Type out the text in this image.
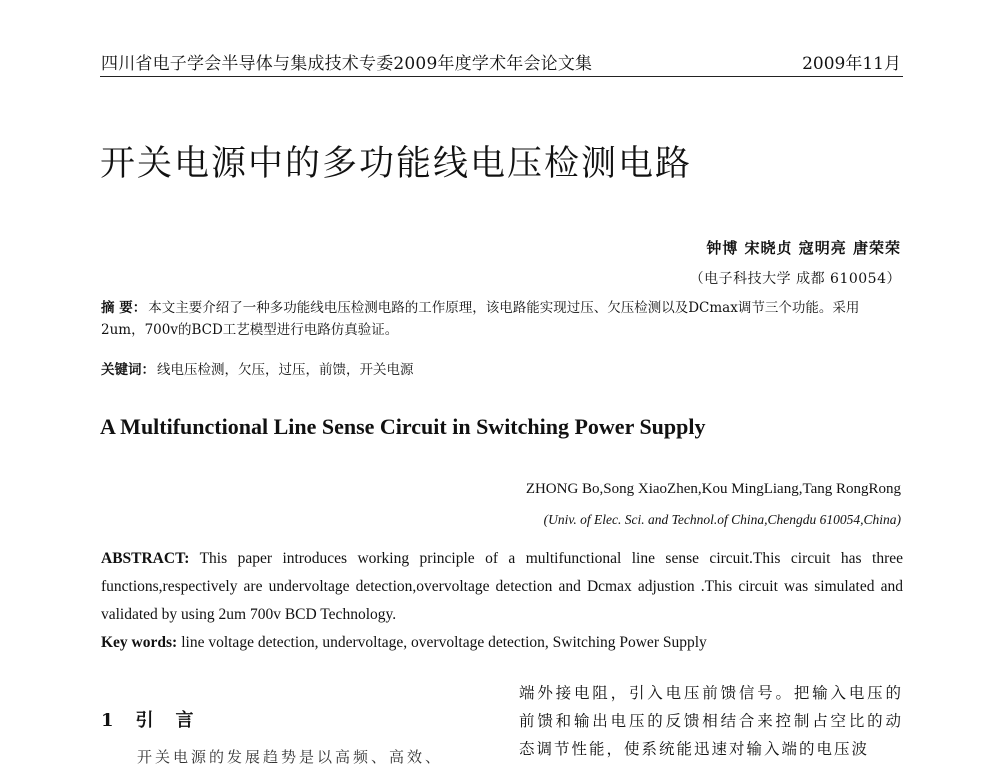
四川省电子学会半导体与集成技术专委2009年度学术年会论文集	2009年11月
开关电源中的多功能线电压检测电路
钟博 宋晓贞 寇明亮 唐荣荣
（电子科技大学 成都 610054）
摘 要： 本文主要介绍了一种多功能线电压检测电路的工作原理，该电路能实现过压、欠压检测以及DCmax调节三个功能。采用2um，700v的BCD工艺模型进行电路仿真验证。
关键词： 线电压检测，欠压，过压，前馈，开关电源
A Multifunctional Line Sense Circuit in Switching Power Supply
ZHONG Bo,Song XiaoZhen,Kou MingLiang,Tang RongRong
(Univ. of Elec. Sci. and Technol.of China,Chengdu 610054,China)
ABSTRACT: This paper introduces working principle of a multifunctional line sense circuit.This circuit has three functions,respectively are undervoltage detection,overvoltage detection and Dcmax adjustion .This circuit was simulated and validated by using 2um 700v BCD Technology.
Key words: line voltage detection, undervoltage, overvoltage detection, Switching Power Supply
1 引言
开关电源的发展趋势是以高频、高效、
端外接电阻，引入电压前馈信号。把输入电压的前馈和输出电压的反馈相结合来控制占空比的动态调节性能，使系统能迅速对输入端的电压波
